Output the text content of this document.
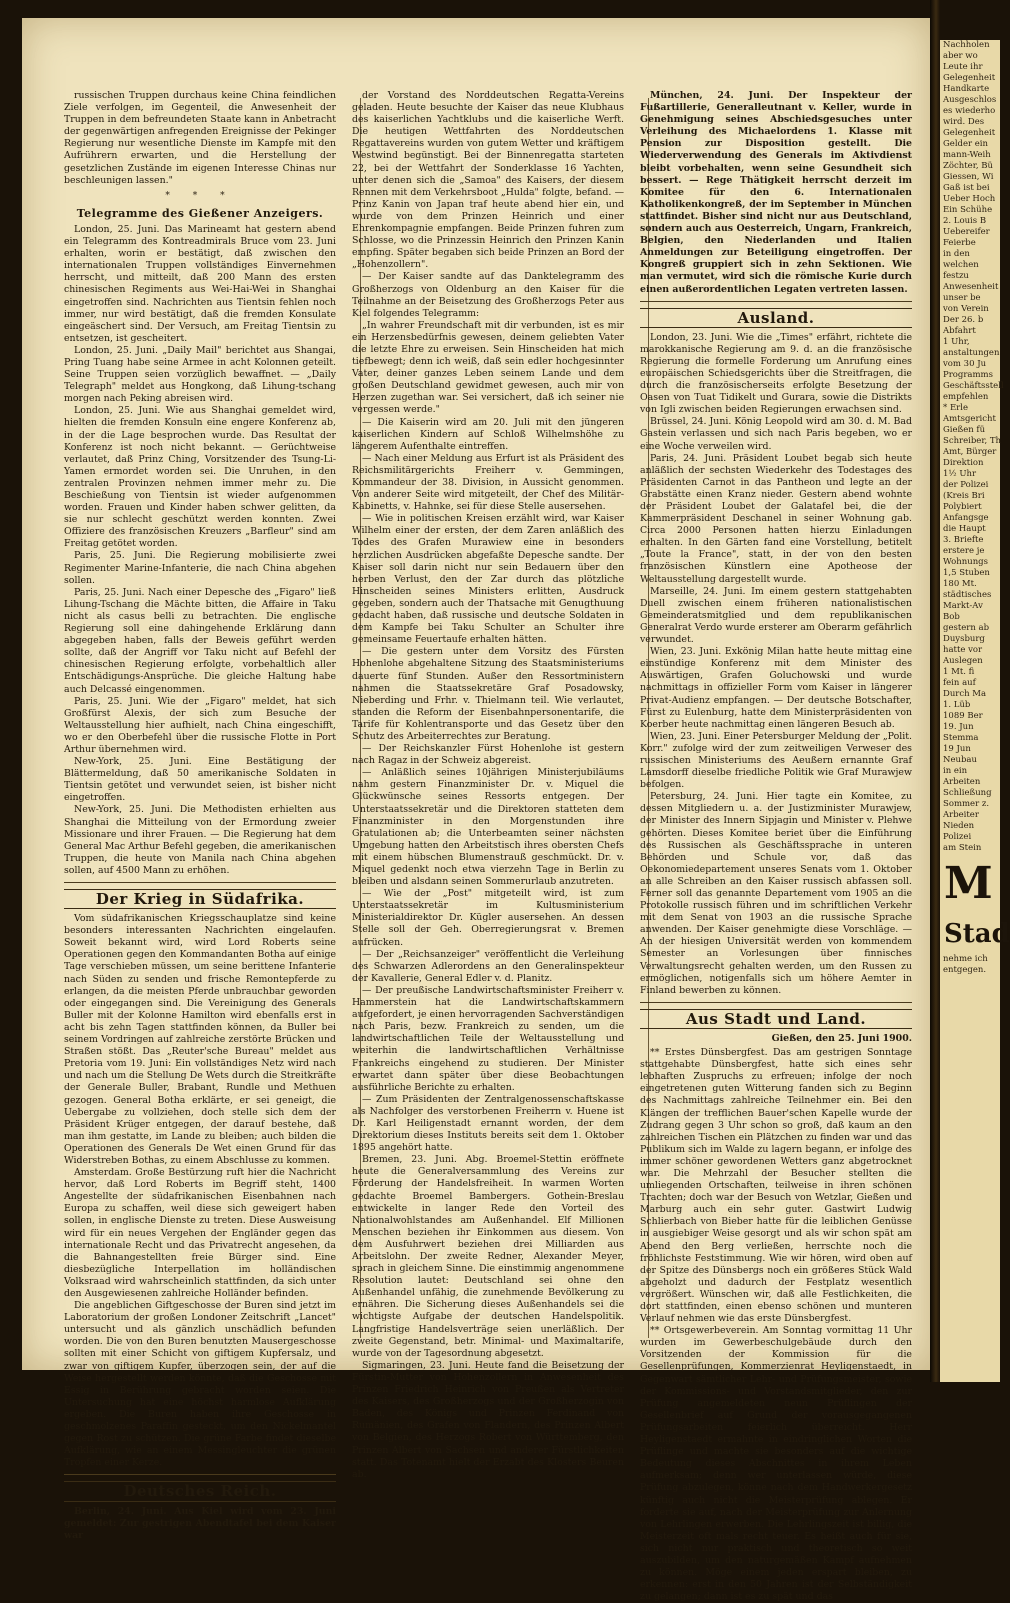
Nachholen
aber wo
Leute ihr
Gelegenheit
Handkarte
Ausgeschlos
es wiederho
wird. Des
Gelegenheit
Gelder ein
mann-Weih
Zöchter, Bü
Giessen, Wi
Gaß ist bei
Ueber Hoch
Ein Schühe
2. Louis B
Uebereifer
Feierbe
in den
welchen
festzu
Anwesenheit
unser be
von Verein
Der 26. b
Abfahrt
1 Uhr,
anstaltungen
vom 30 Ju
Programms
Geschäftsstell
empfehlen
* Erle
Amtsgericht
Gießen fü
Schreiber, Th
Amt, Bürger
Direktion
1½ Uhr
der Polizei
(Kreis Bri
Polybiert
Anfangsge
die Haupt
3. Briefte
erstere je
Wohnungs
1,5 Stuben
180 Mt.
städtisches
Markt-Av
Bob
gestern ab
Duysburg
hatte vor
Auslegen
1 Mt. fi
fein auf
Durch Ma
1. Lüb
1089 Ber
19. Jun
Stemma
19 Jun
Neubau
in ein
Arbeiten
Schließung
Sommer z.
Arbeiter
Nieden
Polizei
am Stein
M
Stad
nehme ich
entgegen.

russischen Truppen durchaus keine China feindlichen Ziele verfolgen, im Gegenteil, die Anwesenheit der Truppen in dem befreundeten Staate kann in Anbetracht der gegenwärtigen anfregenden Ereignisse der Pekinger Regierung nur wesentliche Dienste im Kampfe mit den Aufrührern erwarten, und die Herstellung der gesetzlichen Zustände im eigenen Interesse Chinas nur beschleunigen lassen."

* * *
Telegramme des Gießener Anzeigers.

London, 25. Juni. Das Marineamt hat gestern abend ein Telegramm des Kontreadmirals Bruce vom 23. Juni erhalten, worin er bestätigt, daß zwischen den internationalen Truppen vollständiges Einvernehmen herrscht, und mitteilt, daß 200 Mann des ersten chinesischen Regiments aus Wei-Hai-Wei in Shanghai eingetroffen sind. Nachrichten aus Tientsin fehlen noch immer, nur wird bestätigt, daß die fremden Konsulate eingeäschert sind. Der Versuch, am Freitag Tientsin zu entsetzen, ist gescheitert.

London, 25. Juni. „Daily Mail" berichtet aus Shangai, Pring Tuang habe seine Armee in acht Kolonnen geteilt. Seine Truppen seien vorzüglich bewaffnet. — „Daily Telegraph" meldet aus Hongkong, daß Lihung-tschang morgen nach Peking abreisen wird.

London, 25. Juni. Wie aus Shanghai gemeldet wird, hielten die fremden Konsuln eine engere Konferenz ab, in der die Lage besprochen wurde. Das Resultat der Konferenz ist noch nicht bekannt. — Gerüchtweise verlautet, daß Prinz Ching, Vorsitzender des Tsung-Li-Yamen ermordet worden sei. Die Unruhen, in den zentralen Provinzen nehmen immer mehr zu. Die Beschießung von Tientsin ist wieder aufgenommen worden. Frauen und Kinder haben schwer gelitten, da sie nur schlecht geschützt werden konnten. Zwei Offiziere des französischen Kreuzers „Barfleur" sind am Freitag getötet worden.

Paris, 25. Juni. Die Regierung mobilisierte zwei Regimenter Marine-Infanterie, die nach China abgehen sollen.

Paris, 25. Juni. Nach einer Depesche des „Figaro" ließ Lihung-Tschang die Mächte bitten, die Affaire in Taku nicht als casus belli zu betrachten. Die englische Regierung soll eine dahingehende Erklärung dann abgegeben haben, falls der Beweis geführt werden sollte, daß der Angriff vor Taku nicht auf Befehl der chinesischen Regierung erfolgte, vorbehaltlich aller Entschädigungs-Ansprüche. Die gleiche Haltung habe auch Delcassé eingenommen.

Paris, 25. Juni. Wie der „Figaro" meldet, hat sich Großfürst Alexis, der sich zum Besuche der Weltausstellung hier aufhielt, nach China eingeschifft, wo er den Oberbefehl über die russische Flotte in Port Arthur übernehmen wird.

New-York, 25. Juni. Eine Bestätigung der Blättermeldung, daß 50 amerikanische Soldaten in Tientsin getötet und verwundet seien, ist bisher nicht eingetroffen.

New-York, 25. Juni. Die Methodisten erhielten aus Shanghai die Mitteilung von der Ermordung zweier Missionare und ihrer Frauen. — Die Regierung hat dem General Mac Arthur Befehl gegeben, die amerikanischen Truppen, die heute von Manila nach China abgehen sollen, auf 4500 Mann zu erhöhen.

Der Krieg in Südafrika.

Vom südafrikanischen Kriegsschauplatze sind keine besonders interessanten Nachrichten eingelaufen. Soweit bekannt wird, wird Lord Roberts seine Operationen gegen den Kommandanten Botha auf einige Tage verschieben müssen, um seine berittene Infanterie nach Süden zu senden und frische Remontepferde zu erlangen, da die meisten Pferde unbrauchbar geworden oder eingegangen sind. Die Vereinigung des Generals Buller mit der Kolonne Hamilton wird ebenfalls erst in acht bis zehn Tagen stattfinden können, da Buller bei seinem Vordringen auf zahlreiche zerstörte Brücken und Straßen stößt. Das „Reuter'sche Bureau" meldet aus Pretoria vom 19. Juni: Ein vollständiges Netz wird nach und nach um die Stellung De Wets durch die Streitkräfte der Generale Buller, Brabant, Rundle und Methuen gezogen. General Botha erklärte, er sei geneigt, die Uebergabe zu vollziehen, doch stelle sich dem der Präsident Krüger entgegen, der darauf bestehe, daß man ihm gestatte, im Lande zu bleiben; auch bilden die Operationen des Generals De Wet einen Grund für das Widerstreben Bothas, zu einem Abschlusse zu kommen.

Amsterdam. Große Bestürzung ruft hier die Nachricht hervor, daß Lord Roberts im Begriff steht, 1400 Angestellte der südafrikanischen Eisenbahnen nach Europa zu schaffen, weil diese sich geweigert haben sollen, in englische Dienste zu treten. Diese Ausweisung wird für ein neues Vergehen der Engländer gegen das internationale Recht und das Privatrecht angesehen, da die Bahnangestellten freie Bürger sind. Eine diesbezügliche Interpellation im holländischen Volksraad wird wahrscheinlich stattfinden, da sich unter den Ausgewiesenen zahlreiche Holländer befinden.

Die angeblichen Giftgeschosse der Buren sind jetzt im Laboratorium der großen Londoner Zeitschrift „Lancet" untersucht und als gänzlich unschädlich befunden worden. Die von den Buren benutzten Mausergeschosse sollten mit einer Schicht von giftigem Kupfersalz, und zwar von giftigem Kupfer, überzogen sein, der auf die Weise hergestellt werden könnte, daß die Geschosse mit Essig in Berührung gebracht worden seien. Die Untersuchung hat eine höchst harmlose Aufklärung ergeben. Die Buren haben ihre Geschosse in geschmolzenes Paraffin gesteckt, um den Nickelmantel gegen Rost zu schützen. Die grüne Farbe findet dieselbe Aufklärung, wie an einem Messingleuchter die grünen Tropfen einer Kerze.

Deutsches Reich.

Berlin, 24. Juni. Aus Kiel wird vom 23. Juni gemeldet: Zur gestrigen Abendtafel bei dem Kaiser war

der Vorstand des Norddeutschen Regatta-Vereins geladen. Heute besuchte der Kaiser das neue Klubhaus des kaiserlichen Yachtklubs und die kaiserliche Werft. Die heutigen Wettfahrten des Norddeutschen Regattavereins wurden von gutem Wetter und kräftigem Westwind begünstigt. Bei der Binnenregatta starteten 22, bei der Wettfahrt der Sonderklasse 16 Yachten, unter denen sich die „Samoa" des Kaisers, der diesem Rennen mit dem Verkehrsboot „Hulda" folgte, befand. — Prinz Kanin von Japan traf heute abend hier ein, und wurde von dem Prinzen Heinrich und einer Ehrenkompagnie empfangen. Beide Prinzen fuhren zum Schlosse, wo die Prinzessin Heinrich den Prinzen Kanin empfing. Später begaben sich beide Prinzen an Bord der „Hohenzollern".

— Der Kaiser sandte auf das Danktelegramm des Großherzogs von Oldenburg an den Kaiser für die Teilnahme an der Beisetzung des Großherzogs Peter aus Kiel folgendes Telegramm:

„In wahrer Freundschaft mit dir verbunden, ist es mir ein Herzensbedürfnis gewesen, deinem geliebten Vater die letzte Ehre zu erweisen. Sein Hinscheiden hat mich tiefbewegt; denn ich weiß, daß sein edler hochgesinnter Vater, deiner ganzes Leben seinem Lande und dem großen Deutschland gewidmet gewesen, auch mir von Herzen zugethan war. Sei versichert, daß ich seiner nie vergessen werde."

— Die Kaiserin wird am 20. Juli mit den jüngeren kaiserlichen Kindern auf Schloß Wilhelmshöhe zu längerem Aufenthalte eintreffen.

— Nach einer Meldung aus Erfurt ist als Präsident des Reichsmilitärgerichts Freiherr v. Gemmingen, Kommandeur der 38. Division, in Aussicht genommen. Von anderer Seite wird mitgeteilt, der Chef des Militär-Kabinetts, v. Hahnke, sei für diese Stelle ausersehen.

— Wie in politischen Kreisen erzählt wird, war Kaiser Wilhelm einer der ersten, der dem Zaren anläßlich des Todes des Grafen Murawiew eine in besonders herzlichen Ausdrücken abgefaßte Depesche sandte. Der Kaiser soll darin nicht nur sein Bedauern über den herben Verlust, den der Zar durch das plötzliche Hinscheiden seines Ministers erlitten, Ausdruck gegeben, sondern auch der Thatsache mit Genugthuung gedacht haben, daß russische und deutsche Soldaten in dem Kampfe bei Taku Schulter an Schulter ihre gemeinsame Feuertaufe erhalten hätten.

— Die gestern unter dem Vorsitz des Fürsten Hohenlohe abgehaltene Sitzung des Staatsministeriums dauerte fünf Stunden. Außer den Ressortministern nahmen die Staatssekretäre Graf Posadowsky, Nieberding und Frhr. v. Thielmann teil. Wie verlautet, standen die Reform der Eisenbahnpersonentarife, die Tarife für Kohlentransporte und das Gesetz über den Schutz des Arbeiterrechtes zur Beratung.

— Der Reichskanzler Fürst Hohenlohe ist gestern nach Ragaz in der Schweiz abgereist.

— Anläßlich seines 10jährigen Ministerjubiläums nahm gestern Finanzminister Dr. v. Miquel die Glückwünsche seines Ressorts entgegen. Der Unterstaatssekretär und die Direktoren statteten dem Finanzminister in den Morgenstunden ihre Gratulationen ab; die Unterbeamten seiner nächsten Umgebung hatten den Arbeitstisch ihres obersten Chefs mit einem hübschen Blumenstrauß geschmückt. Dr. v. Miquel gedenkt noch etwa vierzehn Tage in Berlin zu bleiben und alsdann seinen Sommerurlaub anzutreten.

— Wie der „Post" mitgeteilt wird, ist zum Unterstaatssekretär im Kultusministerium Ministerialdirektor Dr. Kügler ausersehen. An dessen Stelle soll der Geh. Oberregierungsrat v. Bremen aufrücken.

— Der „Reichsanzeiger" veröffentlicht die Verleihung des Schwarzen Adlerordens an den Generalinspekteur der Kavallerie, General Edler v. d. Planitz.

— Der preußische Landwirtschaftsminister Freiherr v. Hammerstein hat die Landwirtschaftskammern aufgefordert, je einen hervorragenden Sachverständigen nach Paris, bezw. Frankreich zu senden, um die landwirtschaftlichen Teile der Weltausstellung und weiterhin die landwirtschaftlichen Verhältnisse Frankreichs eingehend zu studieren. Der Minister erwartet dann später über diese Beobachtungen ausführliche Berichte zu erhalten.

— Zum Präsidenten der Zentralgenossenschaftskasse als Nachfolger des verstorbenen Freiherrn v. Huene ist Dr. Karl Heiligenstadt ernannt worden, der dem Direktorium dieses Instituts bereits seit dem 1. Oktober 1895 angehört hatte.

Bremen, 23. Juni. Abg. Broemel-Stettin eröffnete heute die Generalversammlung des Vereins zur Förderung der Handelsfreiheit. In warmen Worten gedachte Broemel Bambergers. Gothein-Breslau entwickelte in langer Rede den Vorteil des Nationalwohlstandes am Außenhandel. Elf Millionen Menschen beziehen ihr Einkommen aus diesem. Von dem Ausfuhrwert beziehen drei Milliarden aus Arbeitslohn. Der zweite Redner, Alexander Meyer, sprach in gleichem Sinne. Die einstimmig angenommene Resolution lautet: Deutschland sei ohne den Außenhandel unfähig, die zunehmende Bevölkerung zu ernähren. Die Sicherung dieses Außenhandels sei die wichtigste Aufgabe der deutschen Handelspolitik. Langfristige Handelsverträge seien unerläßlich. Der zweite Gegenstand, betr. Minimal- und Maximaltarife, wurde von der Tagesordnung abgesetzt.

Sigmaringen, 23. Juni. Heute fand die Beisetzung der Fürstin-Mutter von Hohenzollern in Anwesenheit des Prinzen Friedrich Heinrich von Preußen als Vertreter des Kaisers, des Großherzogs und der Großherzogin von Baden, des Königs und Prinzen Ferdinand von Rumänien, des Grafen von Flandern, des Prinzen Albert von Belgien, des Herzogs Robert von Württemberg, den Prinzen Albert von Sachsen und anderer Fürstlichkeiten statt. Das Totenamt hielt der Erzabt des Klosters Beuren ab.

München, 24. Juni. Der Inspekteur der Fußartillerie, Generalleutnant v. Keller, wurde in Genehmigung seines Abschiedsgesuches unter Verleihung des Michaelordens 1. Klasse mit Pension zur Disposition gestellt. Die Wiederverwendung des Generals im Aktivdienst bleibt vorbehalten, wenn seine Gesundheit sich bessert. — Rege Thätigkeit herrscht derzeit im Komitee für den 6. Internationalen Katholikenkongreß, der im September in München stattfindet. Bisher sind nicht nur aus Deutschland, sondern auch aus Oesterreich, Ungarn, Frankreich, Belgien, den Niederlanden und Italien Anmeldungen zur Beteiligung eingetroffen. Der Kongreß gruppiert sich in zehn Sektionen. Wie man vermutet, wird sich die römische Kurie durch einen außerordentlichen Legaten vertreten lassen.

Ausland.

London, 23. Juni. Wie die „Times" erfährt, richtete die marokkanische Regierung am 9. d. an die französische Regierung die formelle Forderung um Anrufung eines europäischen Schiedsgerichts über die Streitfragen, die durch die französischerseits erfolgte Besetzung der Oasen von Tuat Tidikelt und Gurara, sowie die Distrikts von Igli zwischen beiden Regierungen erwachsen sind.

Brüssel, 24. Juni. König Leopold wird am 30. d. M. Bad Gastein verlassen und sich nach Paris begeben, wo er eine Woche verweilen wird.

Paris, 24. Juni. Präsident Loubet begab sich heute anläßlich der sechsten Wiederkehr des Todestages des Präsidenten Carnot in das Pantheon und legte an der Grabstätte einen Kranz nieder. Gestern abend wohnte der Präsident Loubet der Galatafel bei, die der Kammerpräsident Deschanel in seiner Wohnung gab. Circa 2000 Personen hatten hierzu Einladungen erhalten. In den Gärten fand eine Vorstellung, betitelt „Toute la France", statt, in der von den besten französischen Künstlern eine Apotheose der Weltausstellung dargestellt wurde.

Marseille, 24. Juni. Im einem gestern stattgehabten Duell zwischen einem früheren nationalistischen Gemeinderatsmitglied und dem republikanischen Generalrat Verdo wurde ersterer am Oberarm gefährlich verwundet.

Wien, 23. Juni. Exkönig Milan hatte heute mittag eine einstündige Konferenz mit dem Minister des Auswärtigen, Grafen Goluchowski und wurde nachmittags in offizieller Form vom Kaiser in längerer Privat-Audienz empfangen. — Der deutsche Botschafter, Fürst zu Eulenburg, hatte dem Ministerpräsidenten von Koerber heute nachmittag einen längeren Besuch ab.

Wien, 23. Juni. Einer Petersburger Meldung der „Polit. Korr." zufolge wird der zum zeitweiligen Verweser des russischen Ministeriums des Aeußern ernannte Graf Lamsdorff dieselbe friedliche Politik wie Graf Murawjew befolgen.

Petersburg, 24. Juni. Hier tagte ein Komitee, zu dessen Mitgliedern u. a. der Justizminister Murawjew, der Minister des Innern Sipjagin und Minister v. Plehwe gehörten. Dieses Komitee beriet über die Einführung des Russischen als Geschäftssprache in unteren Behörden und Schule vor, daß das Oekonomiedepartement unseres Senats vom 1. Oktober an alle Schreiben an den Kaiser russisch abfassen soll. Ferner soll das genannte Departement vom 1905 an die Protokolle russisch führen und im schriftlichen Verkehr mit dem Senat von 1903 an die russische Sprache anwenden. Der Kaiser genehmigte diese Vorschläge. — An der hiesigen Universität werden von kommendem Semester an Vorlesungen über finnisches Verwaltungsrecht gehalten werden, um den Russen zu ermöglichen, notigenfalls sich um höhere Aemter in Finland bewerben zu können.

Aus Stadt und Land.
Gießen, den 25. Juni 1900.

** Erstes Dünsbergfest. Das am gestrigen Sonntage stattgehabte Dünsbergfest, hatte sich eines sehr lebhaften Zuspruchs zu erfreuen; infolge der noch eingetretenen guten Witterung fanden sich zu Beginn des Nachmittags zahlreiche Teilnehmer ein. Bei den Klängen der trefflichen Bauer'schen Kapelle wurde der Zudrang gegen 3 Uhr schon so groß, daß kaum an den zahlreichen Tischen ein Plätzchen zu finden war und das Publikum sich im Walde zu lagern begann, er infolge des immer schöner gewordenen Wetters ganz abgetrocknet war. Die Mehrzahl der Besucher stellten die umliegenden Ortschaften, teilweise in ihren schönen Trachten; doch war der Besuch von Wetzlar, Gießen und Marburg auch ein sehr guter. Gastwirt Ludwig Schlierbach von Bieber hatte für die leiblichen Genüsse in ausgiebiger Weise gesorgt und als wir schon spät am Abend den Berg verließen, herrschte noch die fröhlichste Feststimmung. Wie wir hören, wird oben auf der Spitze des Dünsbergs noch ein größeres Stück Wald abgeholzt und dadurch der Festplatz wesentlich vergrößert. Wünschen wir, daß alle Festlichkeiten, die dort stattfinden, einen ebenso schönen und munteren Verlauf nehmen wie das erste Dünsbergfest.

** Ortsgewerbeverein. Am Sonntag vormittag 11 Uhr wurden im Gewerbeschulgebäude durch den Vorsitzenden der Kommission für die Gesellenprüfungen, Kommerzienrat Heyligenstaedt, in Gegenwart sämtlicher Lehr- und Prüfungsmeister, sowie der Kommissions- und Vorstandsmitglieder, den zur Prüfung angemeldeten neun Prüflingen der Gesellenbrief auf Grund der vorausgegangenen Prüfungsarbeiten feierlich überreicht. Herr Heyligenstaedt ermahnte in eindringlichen Worten die Prüflinge und machte sie besonders auf die wichtige Bedeutung dieses Abschnittes in ihrem Leben aufmerksam; denn wer unterlassen würde, diese Prüfung abzulegen, könne nach dem Handwerkergesetz künftig auch nicht die Meisterprüfung ablegen. Er forderte sie auf, nach der Meisterprüfung zur Anlernung von Lehrlingen erwerben. Die Lehrlingszeit ist billig, die Meisterzeit oft mals recht teuer. Es heißt auch für sie, sich nicht nur praktisch und theoretisch so weit auszubilden, um den naturgemäßen Kampf aufnehmen zu können. Möge einem jeden erspart bleiben, zu erkennen: erst in den 50 Jahren ist der Selbständigkeit zu gelangen; dann ist es zu spät und das
